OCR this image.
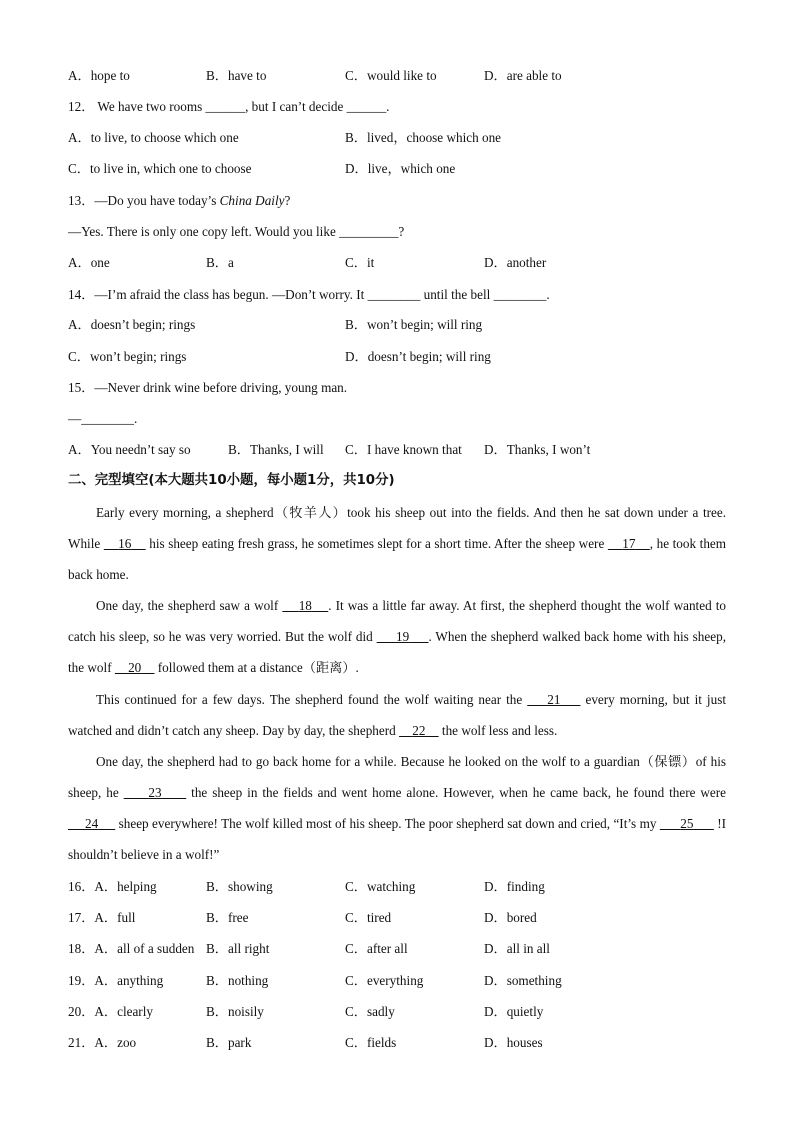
A．hope to	B．have to	C．would like to	D．are able to
12． We have two rooms ______, but I can’t decide ______.
A．to live, to choose which one	B．lived，choose which one
C．to live in, which one to choose	D．live，which one
13．—Do you have today’s China Daily?
—Yes. There is only one copy left. Would you like _________?
A．one	B．a	C．it	D．another
14．—I’m afraid the class has begun. —Don’t worry. It ________ until the bell ________.
A．doesn’t begin; rings	B．won’t begin; will ring
C．won’t begin; rings	D．doesn’t begin; will ring
15．—Never drink wine before driving, young man.
—________.
A．You needn’t say so	B．Thanks, I will C．I have known that D．Thanks, I won’t
二、完型填空(本大题共10小题，每小题1分，共10分)
Early every morning, a shepherd（牧羊人）took his sheep out into the fields. And then he sat down under a tree. While     16     his sheep eating fresh grass, he sometimes slept for a short time. After the sheep were     17 , he took them back home.
One day, the shepherd saw a wolf     18 . It was a little far away. At first, the shepherd thought the wolf wanted to catch his sleep, so he was very worried. But the wolf did      19 . When the shepherd walked back home with his sheep, the wolf     20     followed them at a distance（距离）.
This continued for a few days. The shepherd found the wolf waiting near the     21     every morning, but it just watched and didn’t catch any sheep. Day by day, the shepherd     22     the wolf less and less.
One day, the shepherd had to go back home for a while. Because he looked on the wolf to a guardian（保镖）of his sheep, he      23      the sheep in the fields and went home alone. However, when he came back, he found there were      24      sheep everywhere! The wolf killed most of his sheep. The poor shepherd sat down and cried, “It’s my       25       !I shouldn’t believe in a wolf!”
16．A．helping	B．showing	C．watching	D．finding
17．A．full	B．free	C．tired	D．bored
18．A．all of a sudden B．all right	C．after all	D．all in all
19．A．anything	B．nothing	C．everything	D．something
20．A．clearly	B．noisily	C．sadly	D．quietly
21．A．zoo	B．park	C．fields	D．houses
